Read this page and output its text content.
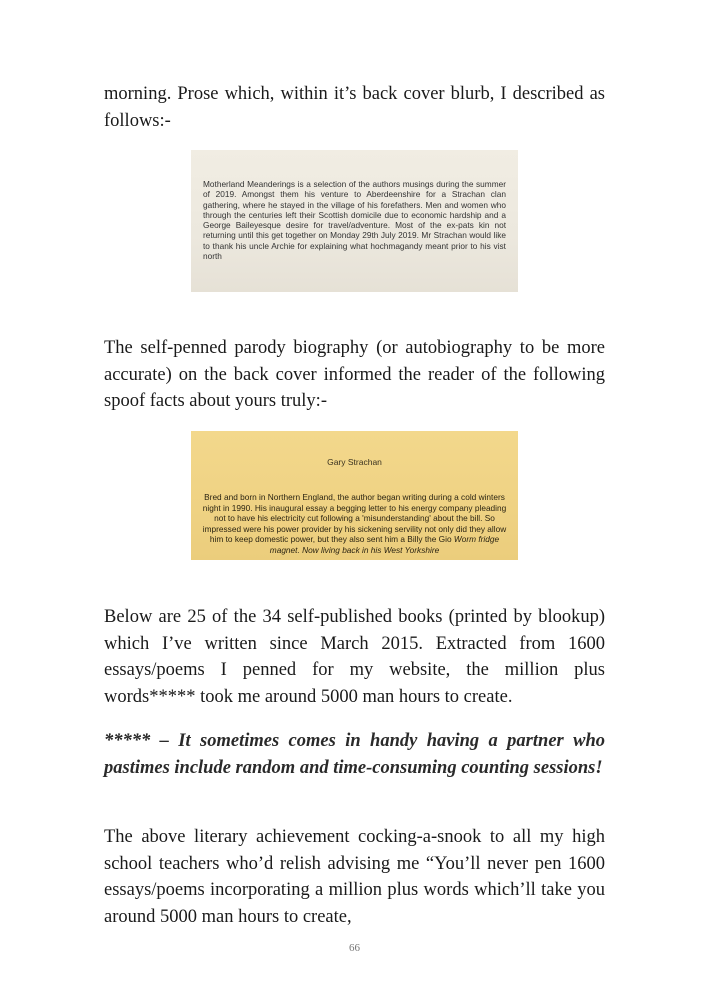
morning. Prose which, within it’s back cover blurb, I described as follows:-

Motherland Meanderings is a selection of the authors musings during the summer of 2019. Amongst them his venture to Aberdeenshire for a Strachan clan gathering, where he stayed in the village of his forefathers. Men and women who through the centuries left their Scottish domicile due to economic hardship and a George Baileyesque desire for travel/adventure. Most of the ex-pats kin not returning until this get together on Monday 29th July 2019. Mr Strachan would like to thank his uncle Archie for explaining what hochmagandy meant prior to his vist north

The self-penned parody biography (or autobiography to be more accurate) on the back cover informed the reader of the following spoof facts about yours truly:-

Gary Strachan

Bred and born in Northern England, the author began writing during a cold winters night in 1990. His inaugural essay a begging letter to his energy company pleading not to have his electricity cut following a 'misunderstanding' about the bill. So impressed were his power provider by his sickening servility not only did they allow him to keep domestic power, but they also sent him a Billy the Gio Worm fridge magnet. Now living back in his West Yorkshire

Below are 25 of the 34 self-published books (printed by blookup) which I’ve written since March 2015. Extracted from 1600 essays/poems I penned for my website, the million plus words***** took me around 5000 man hours to create.

***** – It sometimes comes in handy having a partner who pastimes include random and time-consuming counting sessions!

The above literary achievement cocking-a-snook to all my high school teachers who’d relish advising me “You’ll never pen 1600 essays/poems incorporating a million plus words which’ll take you around 5000 man hours to create,

66
